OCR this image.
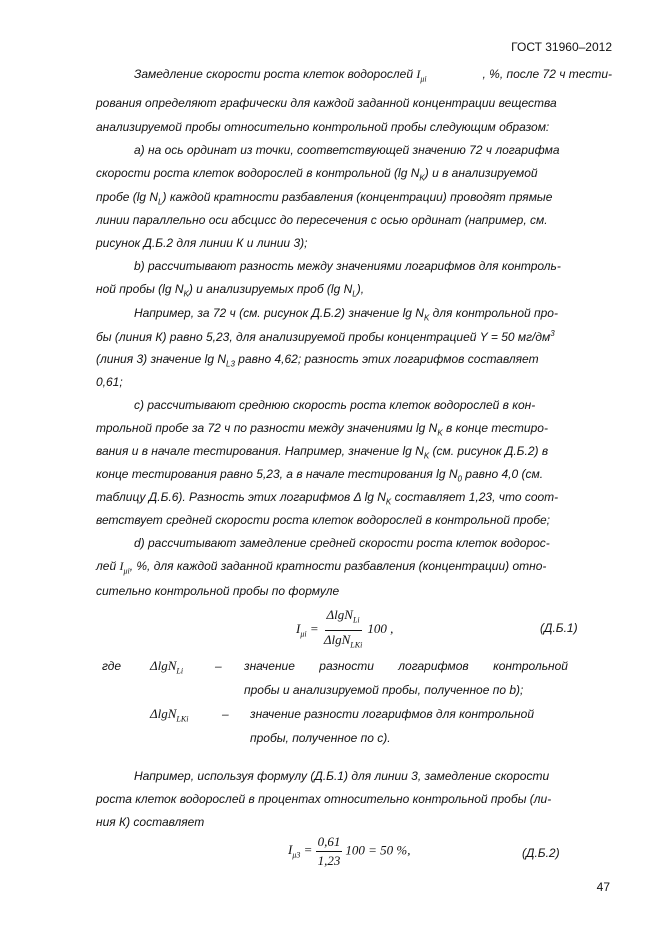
ГОСТ 31960–2012
Замедление скорости роста клеток водорослей $I_{\mu i}$	, %, после 72 ч тести-
рования определяют графически для каждой заданной концентрации вещества
анализируемой пробы относительно контрольной пробы следующим образом:
а) на ось ординат из точки, соответствующей значению 72 ч логарифма
скорости роста клеток водорослей в контрольной (lg $N_K$) и в анализируемой
пробе (lg $N_L$) каждой кратности разбавления (концентрации) проводят прямые
линии параллельно оси абсцисс до пересечения с осью ординат (например, см.
рисунок Д.Б.2 для линии К и линии 3);
b) рассчитывают разность между значениями логарифмов для контроль-
ной пробы (lg $N_K$) и анализируемых проб (lg $N_L$),
Например, за 72 ч (см. рисунок Д.Б.2) значение $\lg N_K$ для контрольной про-
бы (линия К) равно 5,23, для анализируемой пробы концентрацией Y = 50 $мг/дм^3$
(линия 3) значение $\lg N_{L3}$ равно 4,62; разность этих логарифмов составляет
0,61;
c) рассчитывают среднюю скорость роста клеток водорослей в кон-
трольной пробе за 72 ч по разности между значениями $\lg N_K$ в конце тестиро-
вания и в начале тестирования. Например, значение $\lg N_K$ (см. рисунок Д.Б.2) в
конце тестирования равно 5,23, а в начале тестирования $\lg N_0$ равно 4,0 (см.
таблицу Д.Б.6). Разность этих логарифмов Δ $\lg N_K$ составляет 1,23, что соот-
ветствует средней скорости роста клеток водорослей в контрольной пробе;
d) рассчитывают замедление средней скорости роста клеток водорос-
лей $I_{\mu i}$, %, для каждой заданной кратности разбавления (концентрации) отно-
сительно контрольной пробы по формуле
$I_{\mu i} = \frac{\Delta\lg N_{Li}}{\Delta\lg N_{LKi}} 100$ ,	(Д.Б.1)
где ΔlgN$_{Li}$	– значение разности логарифмов контрольной
пробы и анализируемой пробы, полученное по b);
ΔlgN$_{LKi}$	– значение разности логарифмов для контрольной
пробы, полученное по с).
Например, используя формулу (Д.Б.1) для линии 3, замедление скорости
роста клеток водорослей в процентах относительно контрольной пробы (ли-
ния К) составляет
$I_{\mu 3} = \frac{0,61}{1,23} 100 = 50$ %,	(Д.Б.2)
47
